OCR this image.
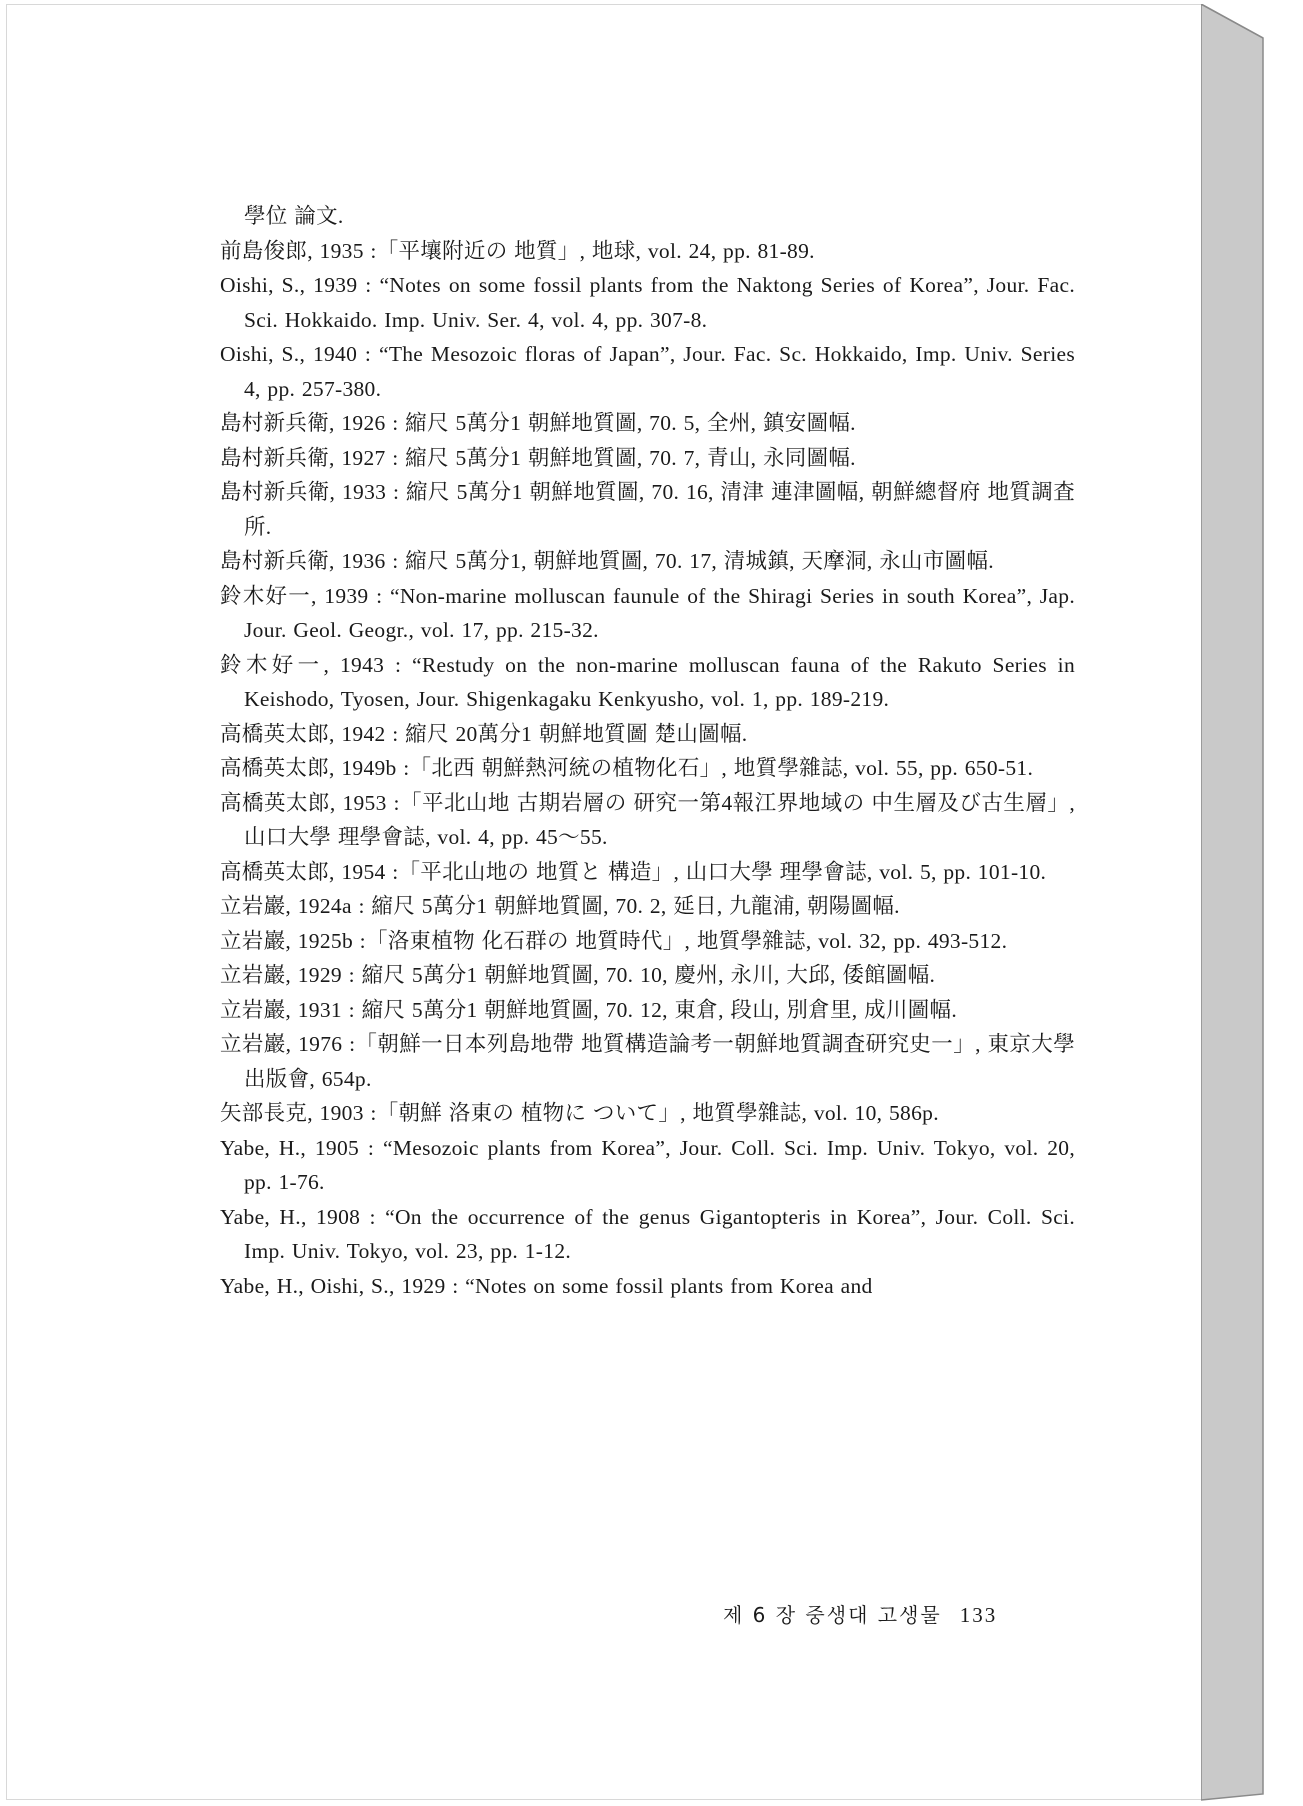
學位 論文.
前島俊郎, 1935 :「平壤附近の 地質」, 地球, vol. 24, pp. 81-89.
Oishi, S., 1939 : “Notes on some fossil plants from the Naktong Series of Korea”, Jour. Fac. Sci. Hokkaido. Imp. Univ. Ser. 4, vol. 4, pp. 307-8.
Oishi, S., 1940 : “The Mesozoic floras of Japan”, Jour. Fac. Sc. Hokkaido, Imp. Univ. Series 4, pp. 257-380.
島村新兵衛, 1926 : 縮尺 5萬分1 朝鮮地質圖, 70. 5, 全州, 鎮安圖幅.
島村新兵衛, 1927 : 縮尺 5萬分1 朝鮮地質圖, 70. 7, 青山, 永同圖幅.
島村新兵衛, 1933 : 縮尺 5萬分1 朝鮮地質圖, 70. 16, 清津 連津圖幅, 朝鮮總督府 地質調査所.
島村新兵衛, 1936 : 縮尺 5萬分1, 朝鮮地質圖, 70. 17, 清城鎮, 天摩洞, 永山市圖幅.
鈴木好一, 1939 : “Non-marine molluscan faunule of the Shiragi Series in south Korea”, Jap. Jour. Geol. Geogr., vol. 17, pp. 215-32.
鈴木好一, 1943 : “Restudy on the non-marine molluscan fauna of the Rakuto Series in Keishodo, Tyosen, Jour. Shigenkagaku Kenkyusho, vol. 1, pp. 189-219.
高橋英太郎, 1942 : 縮尺 20萬分1 朝鮮地質圖 楚山圖幅.
高橋英太郎, 1949b :「北西 朝鮮熱河統の植物化石」, 地質學雜誌, vol. 55, pp. 650-51.
高橋英太郎, 1953 :「平北山地 古期岩層の 研究一第4報江界地域の 中生層及び古生層」, 山口大學 理學會誌, vol. 4, pp. 45〜55.
高橋英太郎, 1954 :「平北山地の 地質と 構造」, 山口大學 理學會誌, vol. 5, pp. 101-10.
立岩巖, 1924a : 縮尺 5萬分1 朝鮮地質圖, 70. 2, 延日, 九龍浦, 朝陽圖幅.
立岩巖, 1925b :「洛東植物 化石群の 地質時代」, 地質學雜誌, vol. 32, pp. 493-512.
立岩巖, 1929 : 縮尺 5萬分1 朝鮮地質圖, 70. 10, 慶州, 永川, 大邱, 倭館圖幅.
立岩巖, 1931 : 縮尺 5萬分1 朝鮮地質圖, 70. 12, 東倉, 段山, 別倉里, 成川圖幅.
立岩巖, 1976 :「朝鮮一日本列島地帶 地質構造論考一朝鮮地質調査研究史一」, 東京大學出版會, 654p.
矢部長克, 1903 :「朝鮮 洛東の 植物に ついて」, 地質學雜誌, vol. 10, 586p.
Yabe, H., 1905 : “Mesozoic plants from Korea”, Jour. Coll. Sci. Imp. Univ. Tokyo, vol. 20, pp. 1-76.
Yabe, H., 1908 : “On the occurrence of the genus Gigantopteris in Korea”, Jour. Coll. Sci. Imp. Univ. Tokyo, vol. 23, pp. 1-12.
Yabe, H., Oishi, S., 1929 : “Notes on some fossil plants from Korea and
제 6 장 중생대 고생물 133
